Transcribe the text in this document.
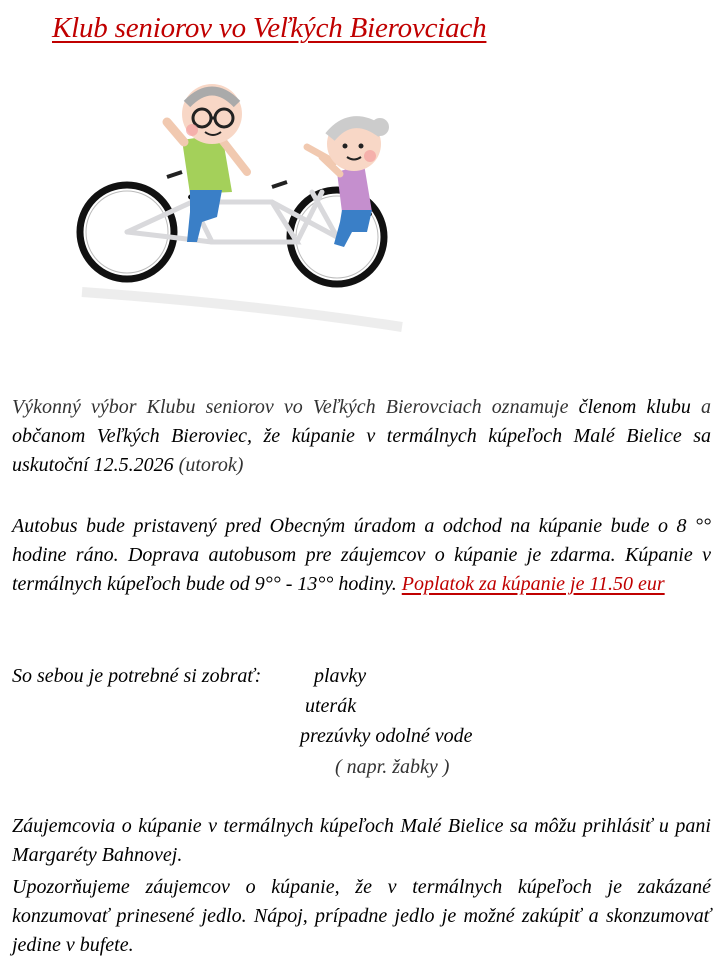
Klub seniorov vo Veľkých Bierovciach

Výkonný výbor Klubu seniorov vo Veľkých Bierovciach oznamuje členom klubu a občanom Veľkých Bieroviec, že kúpanie v termálnych kúpeľoch Malé Bielice sa uskutoční 12.5.2026 (utorok)

Autobus bude pristavený pred Obecným úradom a odchod na kúpanie bude o 8 °° hodine ráno. Doprava autobusom pre záujemcov o kúpanie je zdarma. Kúpanie v termálnych kúpeľoch bude od 9°° - 13°° hodiny. Poplatok za kúpanie je 11.50 eur

So sebou je potrebné si zobrať:	plavky
uterák
prezúvky odolné vode
( napr. žabky )

Záujemcovia o kúpanie v termálnych kúpeľoch Malé Bielice sa môžu prihlásiť u pani Margaréty Bahnovej.

Upozorňujeme záujemcov o kúpanie, že v termálnych kúpeľoch je zakázané konzumovať prinesené jedlo. Nápoj, prípadne jedlo je možné zakúpiť a skonzumovať jedine v bufete.
